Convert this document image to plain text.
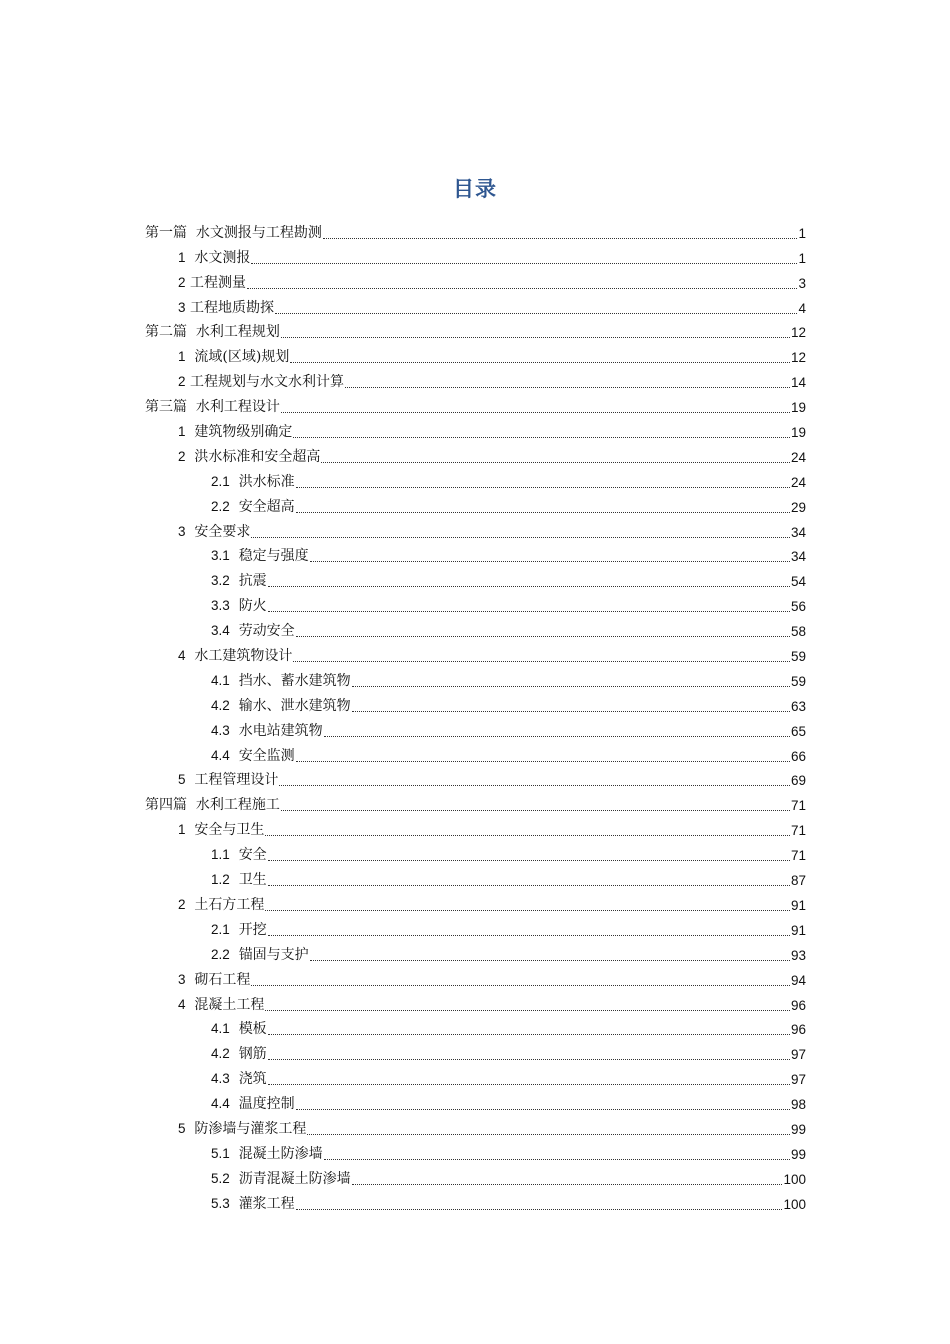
目录
第一篇 水文测报与工程勘测	1
1 水文测报	1
2 工程测量	3
3 工程地质勘探	4
第二篇 水利工程规划	12
1 流域(区域)规划	12
2 工程规划与水文水利计算	14
第三篇 水利工程设计	19
1 建筑物级别确定	19
2 洪水标准和安全超高	24
2.1 洪水标准	24
2.2 安全超高	29
3 安全要求	34
3.1 稳定与强度	34
3.2 抗震	54
3.3 防火	56
3.4 劳动安全	58
4 水工建筑物设计	59
4.1 挡水、蓄水建筑物	59
4.2 输水、泄水建筑物	63
4.3 水电站建筑物	65
4.4 安全监测	66
5 工程管理设计	69
第四篇 水利工程施工	71
1 安全与卫生	71
1.1 安全	71
1.2 卫生	87
2 土石方工程	91
2.1 开挖	91
2.2 锚固与支护	93
3 砌石工程	94
4 混凝土工程	96
4.1 模板	96
4.2 钢筋	97
4.3 浇筑	97
4.4 温度控制	98
5 防渗墙与灌浆工程	99
5.1 混凝土防渗墙	99
5.2 沥青混凝土防渗墙	100
5.3 灌浆工程	100
